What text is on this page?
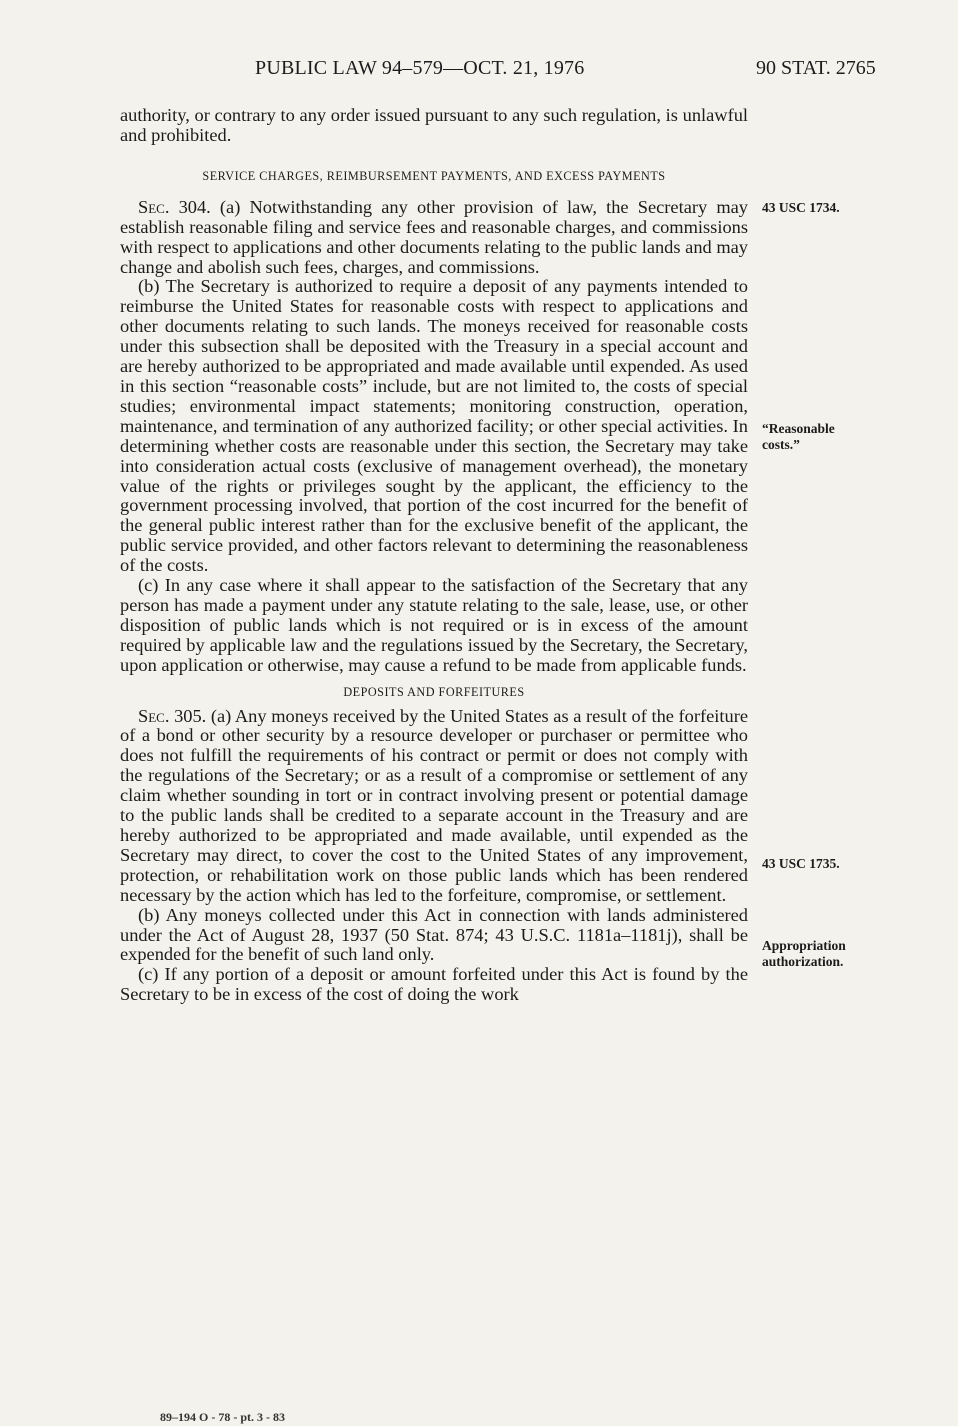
PUBLIC LAW 94–579—OCT. 21, 1976	90 STAT. 2765

authority, or contrary to any order issued pursuant to any such regulation, is unlawful and prohibited.

SERVICE CHARGES, REIMBURSEMENT PAYMENTS, AND EXCESS PAYMENTS

Sec. 304. (a) Notwithstanding any other provision of law, the Secretary may establish reasonable filing and service fees and reasonable charges, and commissions with respect to applications and other documents relating to the public lands and may change and abolish such fees, charges, and commissions.

(b) The Secretary is authorized to require a deposit of any payments intended to reimburse the United States for reasonable costs with respect to applications and other documents relating to such lands. The moneys received for reasonable costs under this subsection shall be deposited with the Treasury in a special account and are hereby authorized to be appropriated and made available until expended. As used in this section “reasonable costs” include, but are not limited to, the costs of special studies; environmental impact statements; monitoring construction, operation, maintenance, and termination of any authorized facility; or other special activities. In determining whether costs are reasonable under this section, the Secretary may take into consideration actual costs (exclusive of management overhead), the monetary value of the rights or privileges sought by the applicant, the efficiency to the government processing involved, that portion of the cost incurred for the benefit of the general public interest rather than for the exclusive benefit of the applicant, the public service provided, and other factors relevant to determining the reasonableness of the costs.

(c) In any case where it shall appear to the satisfaction of the Secretary that any person has made a payment under any statute relating to the sale, lease, use, or other disposition of public lands which is not required or is in excess of the amount required by applicable law and the regulations issued by the Secretary, the Secretary, upon application or otherwise, may cause a refund to be made from applicable funds.

DEPOSITS AND FORFEITURES

Sec. 305. (a) Any moneys received by the United States as a result of the forfeiture of a bond or other security by a resource developer or purchaser or permittee who does not fulfill the requirements of his contract or permit or does not comply with the regulations of the Secretary; or as a result of a compromise or settlement of any claim whether sounding in tort or in contract involving present or potential damage to the public lands shall be credited to a separate account in the Treasury and are hereby authorized to be appropriated and made available, until expended as the Secretary may direct, to cover the cost to the United States of any improvement, protection, or rehabilitation work on those public lands which has been rendered necessary by the action which has led to the forfeiture, compromise, or settlement.

(b) Any moneys collected under this Act in connection with lands administered under the Act of August 28, 1937 (50 Stat. 874; 43 U.S.C. 1181a–1181j), shall be expended for the benefit of such land only.

(c) If any portion of a deposit or amount forfeited under this Act is found by the Secretary to be in excess of the cost of doing the work

43 USC 1734.
“Reasonable
costs.”
43 USC 1735.
Appropriation
authorization.
89–194 O - 78 - pt. 3 - 83
